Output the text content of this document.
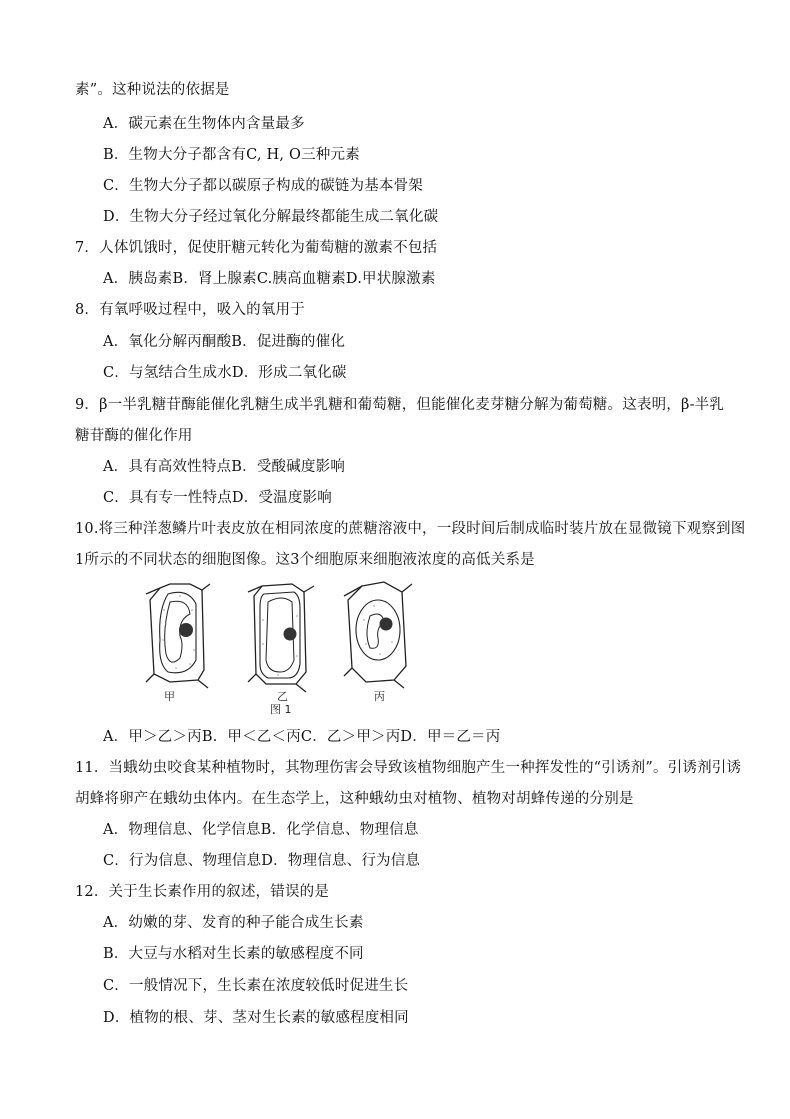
素”。这种说法的依据是
A．碳元素在生物体内含量最多
B．生物大分子都含有C, H, O三种元素
C．生物大分子都以碳原子构成的碳链为基本骨架
D．生物大分子经过氧化分解最终都能生成二氧化碳
7．人体饥饿时，促使肝糖元转化为葡萄糖的激素不包括
A．胰岛素B．肾上腺素C.胰高血糖素D.甲状腺激素
8．有氧呼吸过程中，吸入的氧用于
A．氧化分解丙酮酸B．促进酶的催化
C．与氢结合生成水D．形成二氧化碳
9．β一半乳糖苷酶能催化乳糖生成半乳糖和葡萄糖，但能催化麦芽糖分解为葡萄糖。这表明，β-半乳
糖苷酶的催化作用
A．具有高效性特点B．受酸碱度影响
C．具有专一性特点D．受温度影响
10.将三种洋葱鳞片叶表皮放在相同浓度的蔗糖溶液中，一段时间后制成临时装片放在显微镜下观察到图
1所示的不同状态的细胞图像。这3个细胞原来细胞液浓度的高低关系是
甲	乙	丙
图 1
A．甲＞乙＞丙B．甲＜乙＜丙C．乙＞甲＞丙D．甲＝乙＝丙
11．当蛾幼虫咬食某种植物时，其物理伤害会导致该植物细胞产生一种挥发性的“引诱剂”。引诱剂引诱
胡蜂将卵产在蛾幼虫体内。在生态学上，这种蛾幼虫对植物、植物对胡蜂传递的分别是
A．物理信息、化学信息B．化学信息、物理信息
C．行为信息、物理信息D．物理信息、行为信息
12．关于生长素作用的叙述，错误的是
A．幼嫩的芽、发育的种子能合成生长素
B．大豆与水稻对生长素的敏感程度不同
C．一般情况下，生长素在浓度较低时促进生长
D．植物的根、芽、茎对生长素的敏感程度相同
